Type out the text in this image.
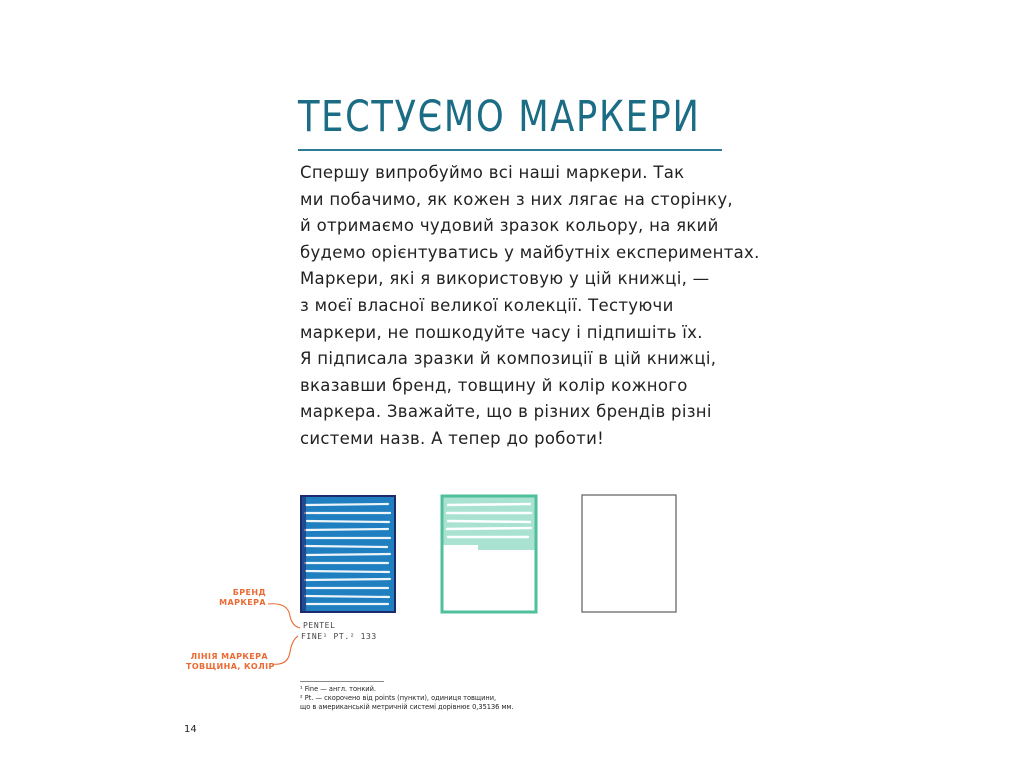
ТЕСТУЄМО МАРКЕРИ
Спершу випробуймо всі наші маркери. Так
ми побачимо, як кожен з них лягає на сторінку,
й отримаємо чудовий зразок кольору, на який
будемо орієнтуватись у майбутніх експериментах.
Маркери, які я використовую у цій книжці, —
з моєї власної великої колекції. Тестуючи
маркери, не пошкодуйте часу і підпишіть їх.
Я підписала зразки й композиції в цій книжці,
вказавши бренд, товщину й колір кожного
маркера. Зважайте, що в різних брендів різні
системи назв. А тепер до роботи!
БРЕНД
МАРКЕРА
ЛІНІЯ МАРКЕРА
ТОВЩИНА, КОЛІР
PENTEL
FINE¹ PT.² 133
¹ Fine — англ. тонкий.
² Pt. — скорочено від points (пункти), одиниця товщини,
що в американській метричній системі дорівнює 0,35136 мм.
14
